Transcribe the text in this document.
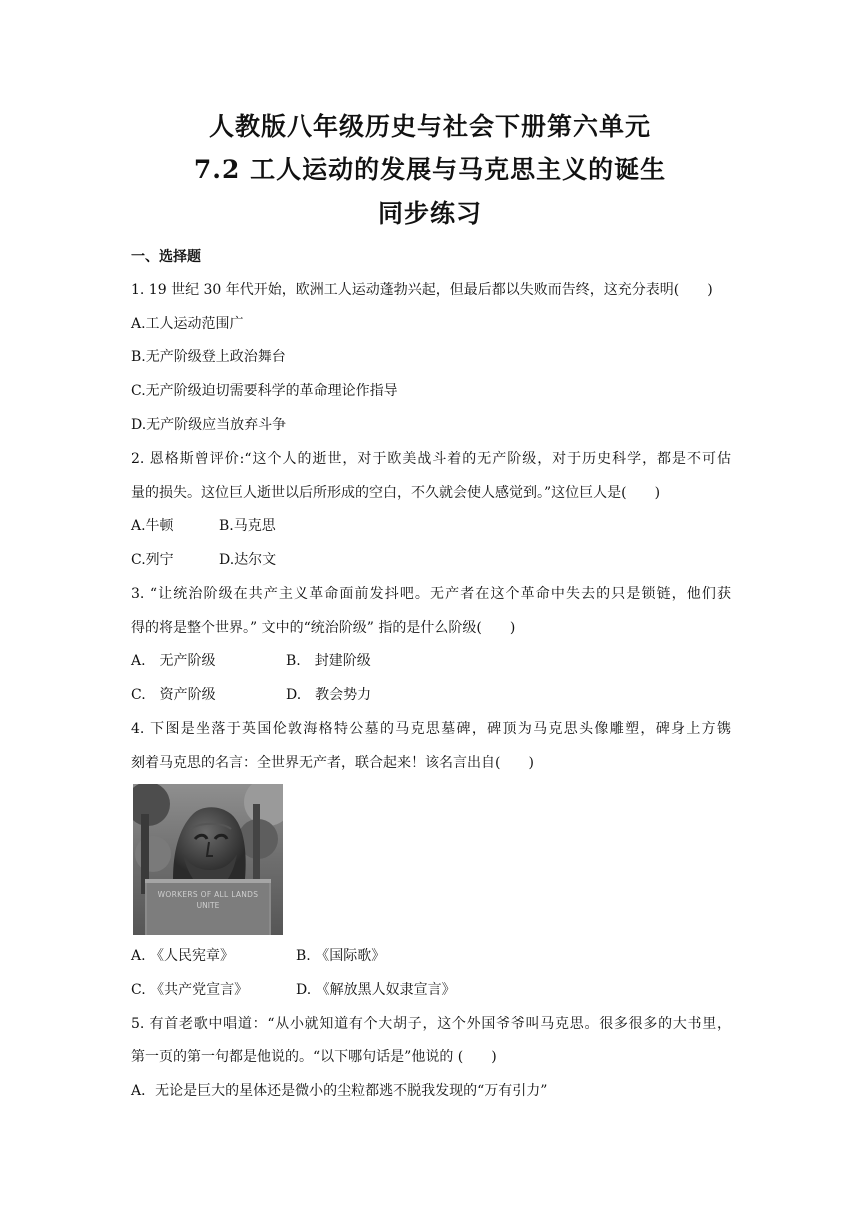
人教版八年级历史与社会下册第六单元
7.2 工人运动的发展与马克思主义的诞生
同步练习
一、选择题
1. 19 世纪 30 年代开始，欧洲工人运动蓬勃兴起，但最后都以失败而告终，这充分表明(　　)
A.工人运动范围广
B.无产阶级登上政治舞台
C.无产阶级迫切需要科学的革命理论作指导
D.无产阶级应当放弃斗争
2. 恩格斯曾评价:“这个人的逝世，对于欧美战斗着的无产阶级，对于历史科学，都是不可估
量的损失。这位巨人逝世以后所形成的空白，不久就会使人感觉到。”这位巨人是(　　)
A.牛顿	B.马克思
C.列宁	D.达尔文
3. “让统治阶级在共产主义革命面前发抖吧。无产者在这个革命中失去的只是锁链，他们获
得的将是整个世界。” 文中的“统治阶级” 指的是什么阶级(　　)
A.　无产阶级	B.　封建阶级
C.　资产阶级	D.　教会势力
4. 下图是坐落于英国伦敦海格特公墓的马克思墓碑，碑顶为马克思头像雕塑，碑身上方镌
刻着马克思的名言：全世界无产者，联合起来！该名言出自(　　)
WORKERS OF ALL LANDS
UNITE
A. 《人民宪章》	B. 《国际歌》
C. 《共产党宣言》	D. 《解放黑人奴隶宣言》
5. 有首老歌中唱道：“从小就知道有个大胡子，这个外国爷爷叫马克思。很多很多的大书里，
第一页的第一句都是他说的。“以下哪句话是”他说的 (　　)
A．无论是巨大的星体还是微小的尘粒都逃不脱我发现的“万有引力”
